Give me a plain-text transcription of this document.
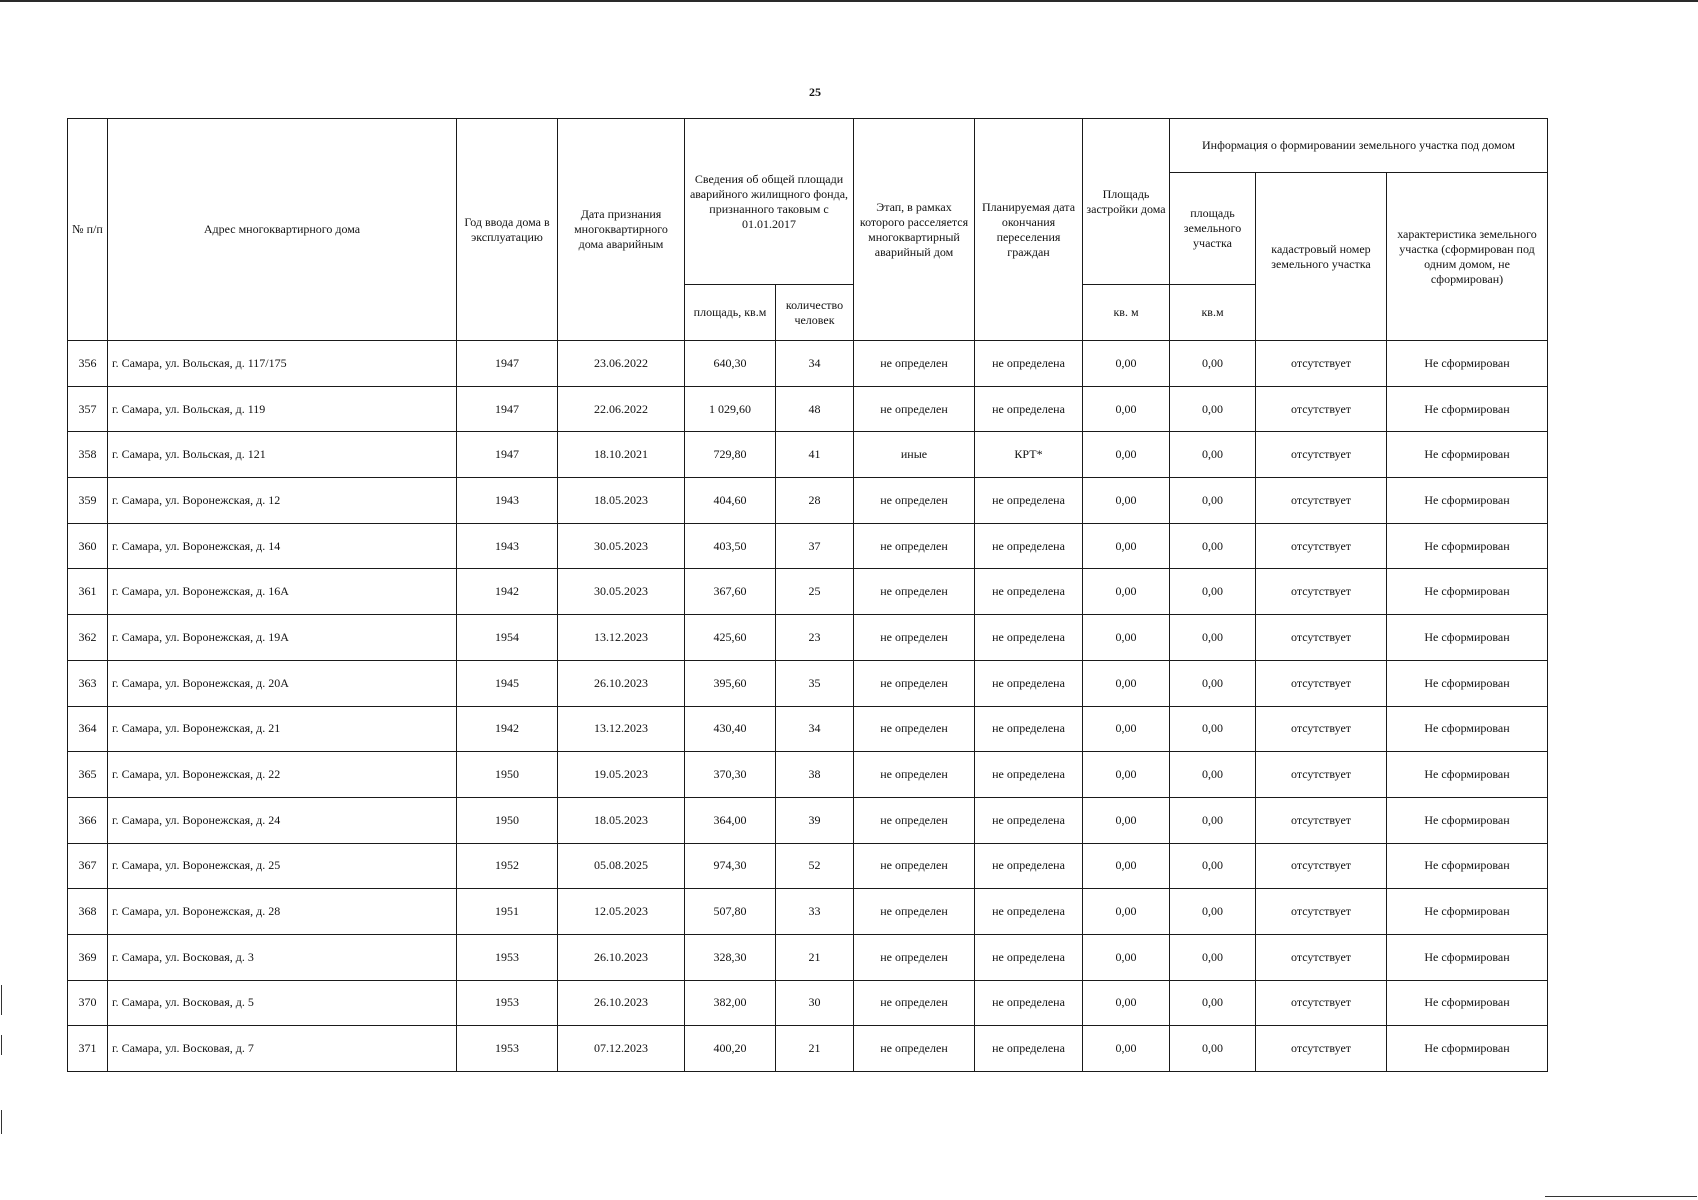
25
№ п/п	Адрес многоквартирного дома	Год ввода дома в эксплуатацию	Дата признания многоквартирного дома аварийным	Сведения об общей площади аварийного жилищного фонда, признанного таковым с 01.01.2017		Этап, в рамках которого расселяется многоквартирный аварийный дом	Планируемая дата окончания переселения граждан	Площадь застройки дома	Информация о формировании земельного участка под домом		
									площадь земельного участка	кадастровый номер земельного участка	характеристика земельного участка (сформирован под одним домом, не сформирован)
				площадь, кв.м	количество человек			кв. м	кв.м		
356	г. Самара, ул. Вольская, д. 117/175	1947	23.06.2022	640,30	34	не определен	не определена	0,00	0,00	отсутствует	Не сформирован
357	г. Самара, ул. Вольская, д. 119	1947	22.06.2022	1 029,60	48	не определен	не определена	0,00	0,00	отсутствует	Не сформирован
358	г. Самара, ул. Вольская, д. 121	1947	18.10.2021	729,80	41	иные	КРТ*	0,00	0,00	отсутствует	Не сформирован
359	г. Самара, ул. Воронежская, д. 12	1943	18.05.2023	404,60	28	не определен	не определена	0,00	0,00	отсутствует	Не сформирован
360	г. Самара, ул. Воронежская, д. 14	1943	30.05.2023	403,50	37	не определен	не определена	0,00	0,00	отсутствует	Не сформирован
361	г. Самара, ул. Воронежская, д. 16А	1942	30.05.2023	367,60	25	не определен	не определена	0,00	0,00	отсутствует	Не сформирован
362	г. Самара, ул. Воронежская, д. 19А	1954	13.12.2023	425,60	23	не определен	не определена	0,00	0,00	отсутствует	Не сформирован
363	г. Самара, ул. Воронежская, д. 20А	1945	26.10.2023	395,60	35	не определен	не определена	0,00	0,00	отсутствует	Не сформирован
364	г. Самара, ул. Воронежская, д. 21	1942	13.12.2023	430,40	34	не определен	не определена	0,00	0,00	отсутствует	Не сформирован
365	г. Самара, ул. Воронежская, д. 22	1950	19.05.2023	370,30	38	не определен	не определена	0,00	0,00	отсутствует	Не сформирован
366	г. Самара, ул. Воронежская, д. 24	1950	18.05.2023	364,00	39	не определен	не определена	0,00	0,00	отсутствует	Не сформирован
367	г. Самара, ул. Воронежская, д. 25	1952	05.08.2025	974,30	52	не определен	не определена	0,00	0,00	отсутствует	Не сформирован
368	г. Самара, ул. Воронежская, д. 28	1951	12.05.2023	507,80	33	не определен	не определена	0,00	0,00	отсутствует	Не сформирован
369	г. Самара, ул. Восковая, д. 3	1953	26.10.2023	328,30	21	не определен	не определена	0,00	0,00	отсутствует	Не сформирован
370	г. Самара, ул. Восковая, д. 5	1953	26.10.2023	382,00	30	не определен	не определена	0,00	0,00	отсутствует	Не сформирован
371	г. Самара, ул. Восковая, д. 7	1953	07.12.2023	400,20	21	не определен	не определена	0,00	0,00	отсутствует	Не сформирован
